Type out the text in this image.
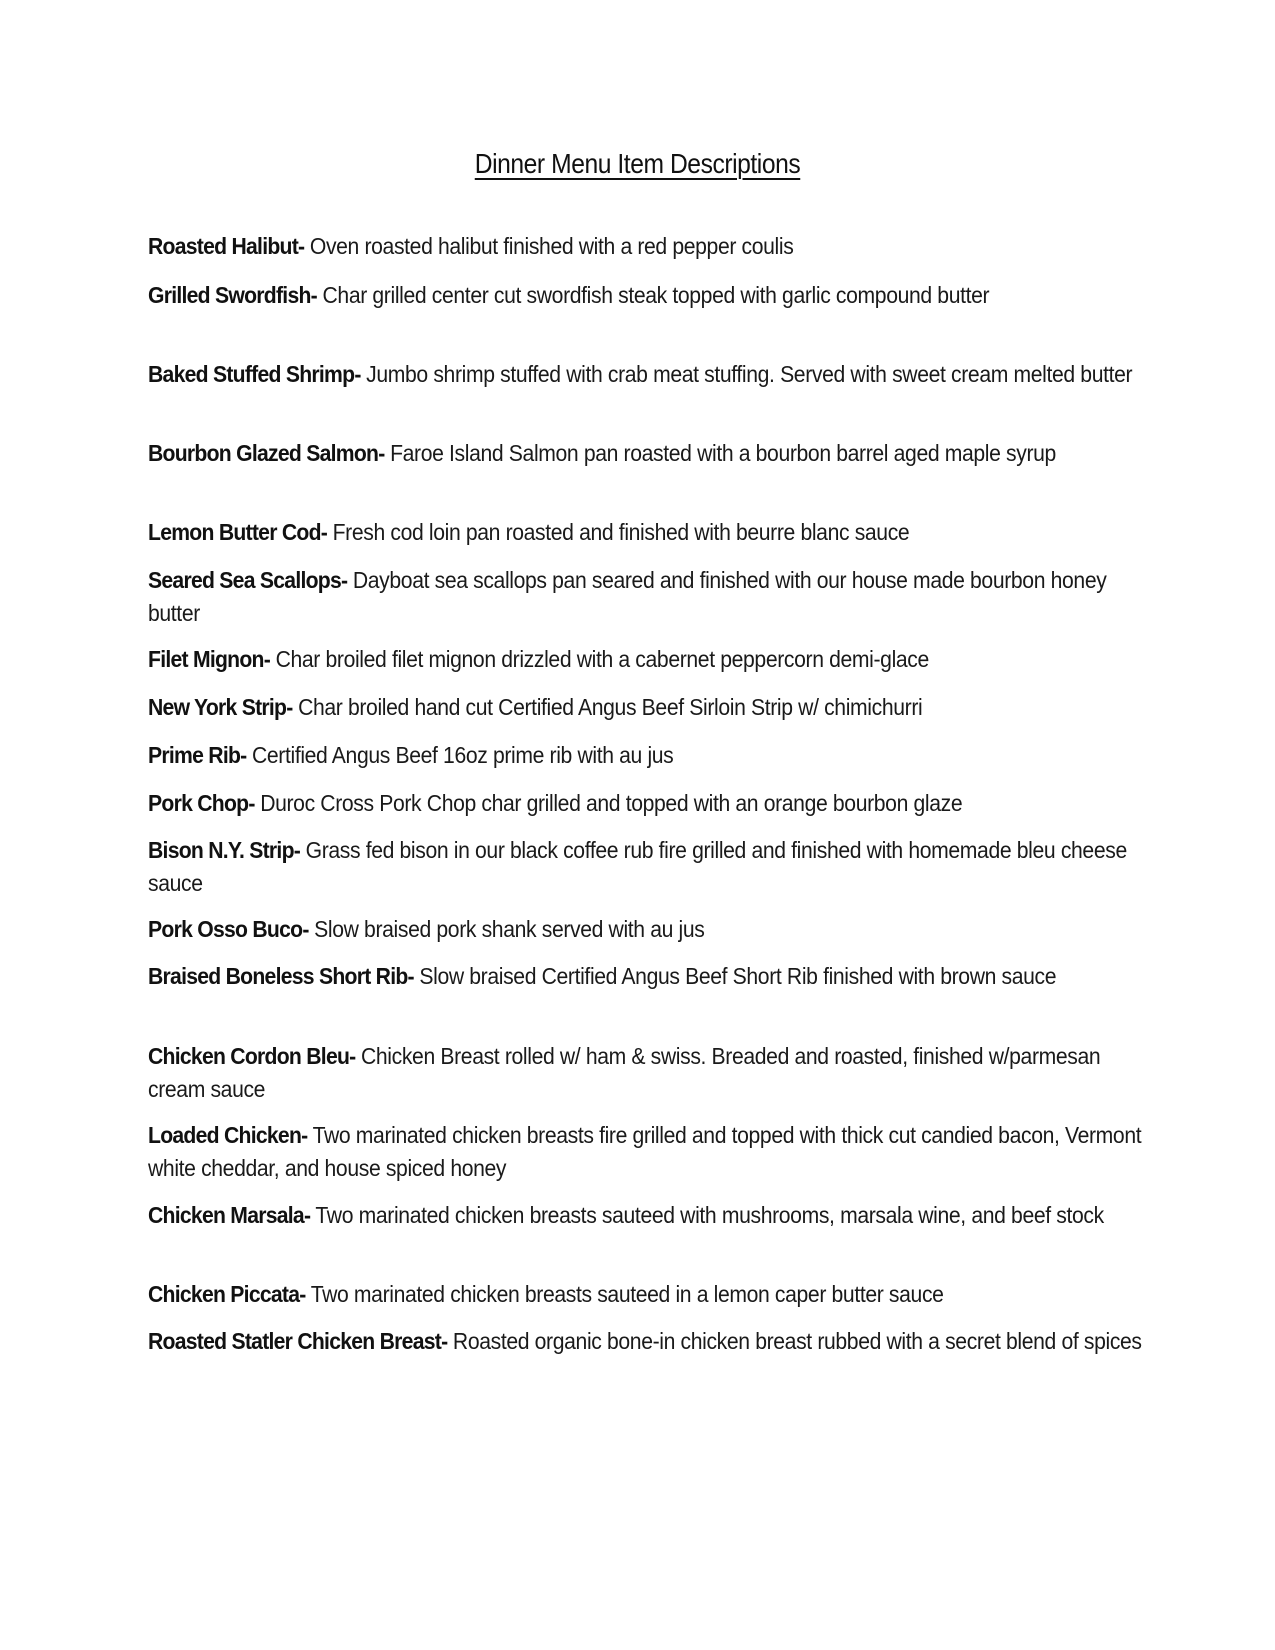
Dinner Menu Item Descriptions
Roasted Halibut- Oven roasted halibut finished with a red pepper coulis
Grilled Swordfish- Char grilled center cut swordfish steak topped with garlic compound butter
Baked Stuffed Shrimp- Jumbo shrimp stuffed with crab meat stuffing. Served with sweet cream melted butter
Bourbon Glazed Salmon- Faroe Island Salmon pan roasted with a bourbon barrel aged maple syrup
Lemon Butter Cod- Fresh cod loin pan roasted and finished with beurre blanc sauce
Seared Sea Scallops- Dayboat sea scallops pan seared and finished with our house made bourbon honey butter
Filet Mignon- Char broiled filet mignon drizzled with a cabernet peppercorn demi-glace
New York Strip- Char broiled hand cut Certified Angus Beef Sirloin Strip w/ chimichurri
Prime Rib- Certified Angus Beef 16oz prime rib with au jus
Pork Chop- Duroc Cross Pork Chop char grilled and topped with an orange bourbon glaze
Bison N.Y. Strip- Grass fed bison in our black coffee rub fire grilled and finished with homemade bleu cheese sauce
Pork Osso Buco- Slow braised pork shank served with au jus
Braised Boneless Short Rib- Slow braised Certified Angus Beef Short Rib finished with brown sauce
Chicken Cordon Bleu- Chicken Breast rolled w/ ham & swiss. Breaded and roasted, finished w/parmesan cream sauce
Loaded Chicken- Two marinated chicken breasts fire grilled and topped with thick cut candied bacon, Vermont white cheddar, and house spiced honey
Chicken Marsala- Two marinated chicken breasts sauteed with mushrooms, marsala wine, and beef stock
Chicken Piccata- Two marinated chicken breasts sauteed in a lemon caper butter sauce
Roasted Statler Chicken Breast- Roasted organic bone-in chicken breast rubbed with a secret blend of spices
